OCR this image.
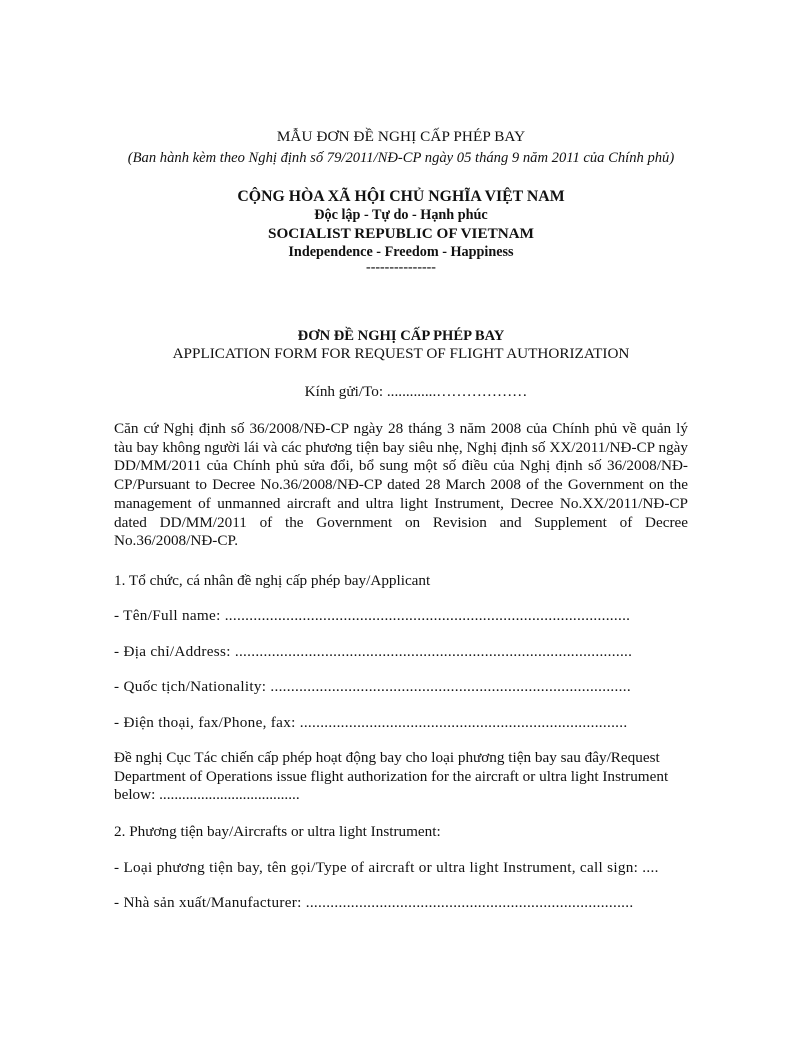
MẪU ĐƠN ĐỀ NGHỊ CẤP PHÉP BAY

(Ban hành kèm theo Nghị định số 79/2011/NĐ-CP ngày 05 tháng 9 năm 2011 của Chính phủ)

CỘNG HÒA XÃ HỘI CHỦ NGHĨA VIỆT NAM
Độc lập - Tự do - Hạnh phúc
SOCIALIST REPUBLIC OF VIETNAM
Independence - Freedom - Happiness
---------------
ĐƠN ĐỀ NGHỊ CẤP PHÉP BAY
APPLICATION FORM FOR REQUEST OF FLIGHT AUTHORIZATION
Kính gửi/To: .............………………
Căn cứ Nghị định số 36/2008/NĐ-CP ngày 28 tháng 3 năm 2008 của Chính phủ về quản lý tàu bay không người lái và các phương tiện bay siêu nhẹ, Nghị định số XX/2011/NĐ-CP ngày DD/MM/2011 của Chính phủ sửa đổi, bổ sung một số điều của Nghị định số 36/2008/NĐ-CP/Pursuant to Decree No.36/2008/NĐ-CP dated 28 March 2008 of the Government on the management of unmanned aircraft and ultra light Instrument, Decree No.XX/2011/NĐ-CP dated DD/MM/2011 of the Government on Revision and Supplement of Decree No.36/2008/NĐ-CP.
1. Tổ chức, cá nhân đề nghị cấp phép bay/Applicant
- Tên/Full name: ...................................................................................................
- Địa chỉ/Address: .................................................................................................
- Quốc tịch/Nationality: ........................................................................................
- Điện thoại, fax/Phone, fax: ................................................................................
Đề nghị Cục Tác chiến cấp phép hoạt động bay cho loại phương tiện bay sau đây/Request Department of Operations issue flight authorization for the aircraft or ultra light Instrument below: .....................................
2. Phương tiện bay/Aircrafts or ultra light Instrument:
- Loại phương tiện bay, tên gọi/Type of aircraft or ultra light Instrument, call sign: ....
- Nhà sản xuất/Manufacturer: ................................................................................
